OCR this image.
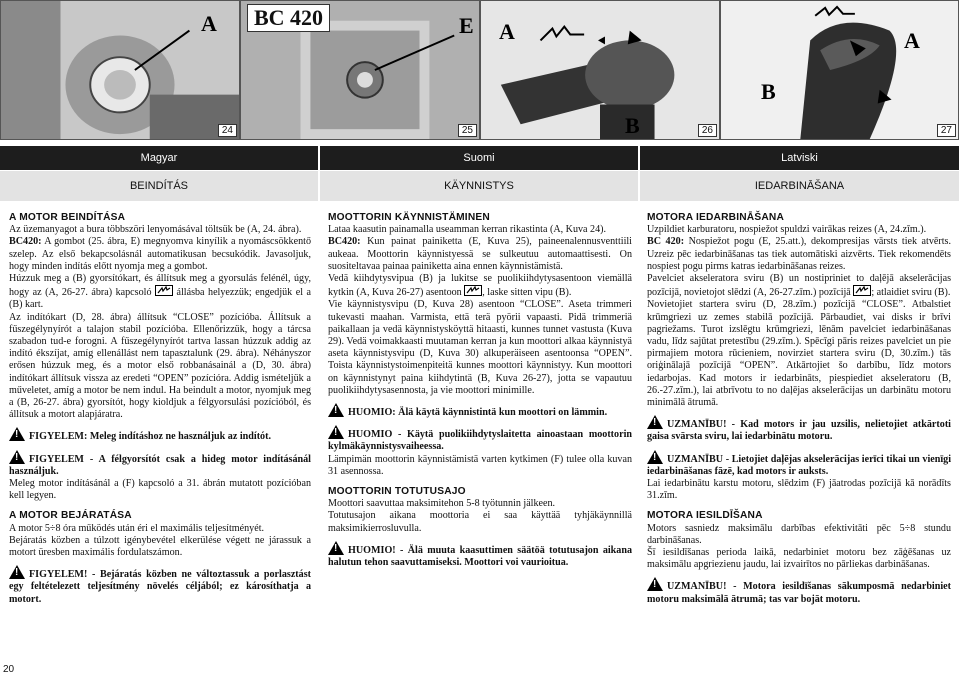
A
24
BC 420	E
25
A
B	26
A
B
27
Magyar	Suomi	Latviski
BEINDÍTÁS	KÄYNNISTYS	IEDARBINĀŠANA

A MOTOR BEINDÍTÁSA

Az üzemanyagot a bura többszöri lenyomásával töltsük be (A, 24. ábra).

BC420: A gombot (25. ábra, E) megnyomva kinyílik a nyomáscsökkentő szelep. Az első bekapcsolásnál automatikusan becsukódik. Javasoljuk, hogy minden indítás előtt nyomja meg a gombot.

Húzzuk meg a (B) gyorsítókart, és állítsuk meg a gyorsulás felénél, úgy, hogy az (A, 26-27. ábra) kapcsoló  állásba helyezzük; engedjük el a (B) kart.

Az indítókart (D, 28. ábra) állítsuk “CLOSE” pozícióba. Állítsuk a fűszegélynyírót a talajon stabil pozícióba. Ellenőrizzük, hogy a tárcsa szabadon tud-e forogni. A fűszegélynyírót tartva lassan húzzuk addig az indító ékszíjat, amíg ellenállást nem tapasztalunk (29. ábra). Néhányszor erősen húzzuk meg, és a motor első robbanásainál a (D, 30. ábra) indítókart állítsuk vissza az eredeti “OPEN” pozícióra. Addig ismételjük a műveletet, amíg a motor be nem indul. Ha beindult a motor, nyomjuk meg a (B, 26-27. ábra) gyorsítót, hogy kioldjuk a félgyorsulási pozícióból, és állítsuk a motort alapjáratra.

!FIGYELEM: Meleg indításhoz ne használjuk az indítót.

!FIGYELEM - A félgyorsítót csak a hideg motor indításánál használjuk.

Meleg motor indításánál a (F) kapcsoló a 31. ábrán mutatott pozícióban kell legyen.

A MOTOR BEJÁRATÁSA

A motor 5÷8 óra működés után éri el maximális teljesítményét.

Bejáratás közben a túlzott igénybevétel elkerülése végett ne járassuk a motort üresben maximális fordulatszámon.

!FIGYELEM! - Bejáratás közben ne változtassuk a porlasztást egy feltételezett teljesítmény növelés céljából; ez károsíthatja a motort.

MOOTTORIN KÄYNNISTÄMINEN

Lataa kaasutin painamalla useamman kerran rikastinta (A, Kuva 24).

BC420: Kun painat painiketta (E, Kuva 25), paineenalennusventtiili aukeaa. Moottorin käynnistyessä se sulkeutuu automaattisesti. On suositeltavaa painaa painiketta aina ennen käynnistämistä.

Vedä kiihdytysvipua (B) ja lukitse se puolikiihdytysasentoon viemällä kytkin (A, Kuva 26-27) asentoon , laske sitten vipu (B).

Vie käynnistysvipu (D, Kuva 28) asentoon “CLOSE”. Aseta trimmeri tukevasti maahan. Varmista, että terä pyörii vapaasti. Pidä trimmeriä paikallaan ja vedä käynnistysköyttä hitaasti, kunnes tunnet vastusta (Kuva 29). Vedä voimakkaasti muutaman kerran ja kun moottori alkaa käynnistyä aseta käynnistysvipu (D, Kuva 30) alkuperäiseen asentoonsa “OPEN”. Toista käynnistystoimenpiteitä kunnes moottori käynnistyy. Kun moottori on käynnistynyt paina kiihdytintä (B, Kuva 26-27), jotta se vapautuu puolikiihdytysasennosta, ja vie moottori minimille.

!HUOMIO: Älä käytä käynnistintä kun moottori on lämmin.

!HUOMIO - Käytä puolikiihdytyslaitetta ainoastaan moottorin kylmäkäynnistysvaiheessa.

Lämpimän moottorin käynnistämistä varten kytkimen (F) tulee olla kuvan 31 asennossa.

MOOTTORIN TOTUTUSAJO

Moottori saavuttaa maksimitehon 5-8 työtunnin jälkeen.

Totutusajon aikana moottoria ei saa käyttää tyhjäkäynnillä maksimikierrosluvulla.

!HUOMIO! - Älä muuta kaasuttimen säätöä totutusajon aikana halutun tehon saavuttamiseksi. Moottori voi vaurioitua.

MOTORA IEDARBINĀŠANA

Uzpildiet karburatoru, nospiežot spuldzi vairākas reizes (A, 24.zīm.).

BC 420: Nospiežot pogu (E, 25.att.), dekompresijas vārsts tiek atvērts. Uzreiz pēc iedarbināšanas tas tiek automātiski aizvērts. Tiek rekomendēts nospiest pogu pirms katras iedarbināšanas reizes.

Pavelciet akseleratora sviru (B) un nostipriniet to daļējā akselerācijas pozīcijā, novietojot slēdzi (A, 26-27.zīm.) pozīcijā ; atlaidiet sviru (B).

Novietojiet startera sviru (D, 28.zīm.) pozīcijā “CLOSE”. Atbalstiet krūmgriezi uz zemes stabilā pozīcijā. Pārbaudiet, vai disks ir brīvi pagriežams. Turot izslēgtu krūmgriezi, lēnām pavelciet iedarbināšanas vadu, līdz sajūtat pretestību (29.zīm.). Spēcīgi pāris reizes pavelciet un pie pirmajiem motora rūcieniem, novirziet startera sviru (D, 30.zīm.) tās oriģinālajā pozīcijā “OPEN”. Atkārtojiet šo darbību, līdz motors iedarbojas. Kad motors ir iedarbināts, piespiediet akseleratoru (B, 26.-27.zīm.), lai atbrīvotu to no daļējas akselerācijas un darbinātu motoru minimālā ātrumā.

!UZMANĪBU! - Kad motors ir jau uzsilis, nelietojiet atkārtoti gaisa svārsta sviru, lai iedarbinātu motoru.

!UZMANĪBU - Lietojiet daļējas akselerācijas ierīci tikai un vienīgi iedarbināšanas fāzē, kad motors ir auksts.

Lai iedarbinātu karstu motoru, slēdzim (F) jāatrodas pozīcijā kā norādīts 31.zīm.

MOTORA IESILDĪŠANA

Motors sasniedz maksimālu darbības efektivitāti pēc 5÷8 stundu darbināšanas.

Šī iesildīšanas perioda laikā, nedarbiniet motoru bez zāģēšanas uz maksimālu apgriezienu jaudu, lai izvairītos no pārliekas darbināšanas.

!UZMANĪBU! - Motora iesildīšanas sākumposmā nedarbiniet motoru maksimālā ātrumā; tas var bojāt motoru.

20
